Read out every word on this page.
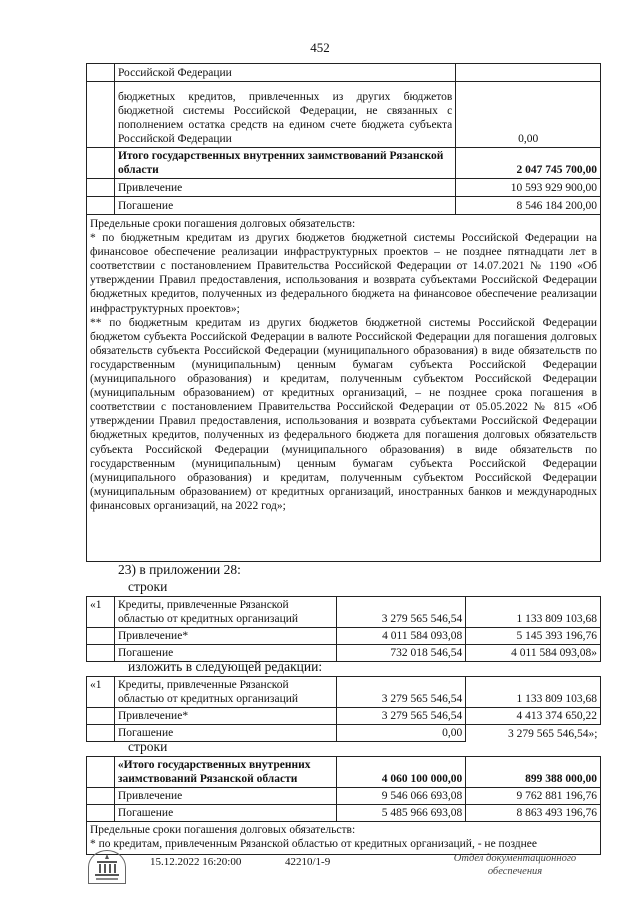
452
	Российской Федерации	
	бюджетных кредитов, привлеченных из других бюджетов бюджетной системы Российской Федерации, не связанных с пополнением остатка средств на едином счете бюджета субъекта Российской Федерации	0,00
	Итого государственных внутренних заимствований Рязанской области	2 047 745 700,00
	Привлечение	10 593 929 900,00
	Погашение	8 546 184 200,00

Предельные сроки погашения долговых обязательств:

* по бюджетным кредитам из других бюджетов бюджетной системы Российской Федерации на финансовое обеспечение реализации инфраструктурных проектов – не позднее пятнадцати лет в соответствии с постановлением Правительства Российской Федерации от 14.07.2021 № 1190 «Об утверждении Правил предоставления, использования и возврата субъектами Российской Федерации бюджетных кредитов, полученных из федерального бюджета на финансовое обеспечение реализации инфраструктурных проектов»;

** по бюджетным кредитам из других бюджетов бюджетной системы Российской Федерации бюджетом субъекта Российской Федерации в валюте Российской Федерации для погашения долговых обязательств субъекта Российской Федерации (муниципального образования) в виде обязательств по государственным (муниципальным) ценным бумагам субъекта Российской Федерации (муниципального образования) и кредитам, полученным субъектом Российской Федерации (муниципальным образованием) от кредитных организаций, – не позднее срока погашения в соответствии с постановлением Правительства Российской Федерации от 05.05.2022 № 815 «Об утверждении Правил предоставления, использования и возврата субъектами Российской Федерации бюджетных кредитов, полученных из федерального бюджета для погашения долговых обязательств субъекта Российской Федерации (муниципального образования) в виде обязательств по государственным (муниципальным) ценным бумагам субъекта Российской Федерации (муниципального образования) и кредитам, полученным субъектом Российской Федерации (муниципальным образованием) от кредитных организаций, иностранных банков и международных финансовых организаций, на 2022 год»;		

23) в приложении 28:
строки
«1	Кредиты, привлеченные Рязанской областью от кредитных организаций	3 279 565 546,54	1 133 809 103,68
	Привлечение*	4 011 584 093,08	5 145 393 196,76
	Погашение	732 018 546,54	4 011 584 093,08»
изложить в следующей редакции:
«1	Кредиты, привлеченные Рязанской областью от кредитных организаций	3 279 565 546,54	1 133 809 103,68
	Привлечение*	3 279 565 546,54	4 413 374 650,22
	Погашение	0,00	3 279 565 546,54»;
строки
	«Итого государственных внутренних заимствований Рязанской области	4 060 100 000,00	899 388 000,00
	Привлечение	9 546 066 693,08	9 762 881 196,76
	Погашение	5 485 966 693,08	8 863 493 196,76

Предельные сроки погашения долговых обязательств:

* по кредитам, привлеченным Рязанской областью от кредитных организаций, - не позднее			

15.12.2022 16:20:00	42210/1-9	Отдел документационного
обеспечения
